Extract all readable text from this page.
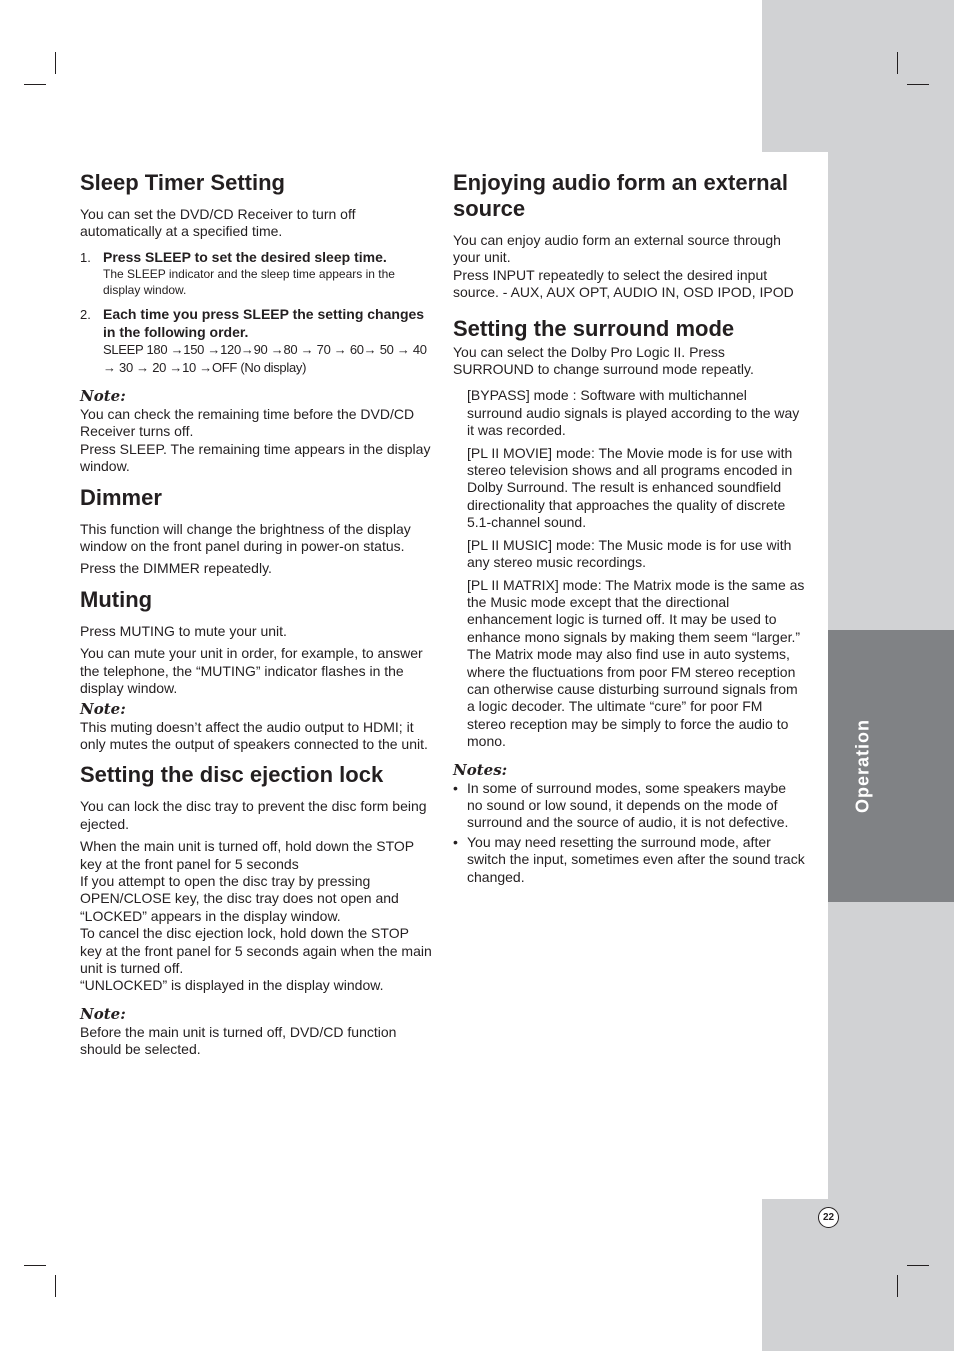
Operation
22
Sleep Timer Setting

You can set the DVD/CD Receiver to turn off automatically at a specified time.

1. Press SLEEP to set the desired sleep time.
The SLEEP indicator and the sleep time appears in the display window.
2. Each time you press SLEEP the setting changes in the following order.
SLEEP 180 →150 →120→90 →80 → 70 → 60→ 50 → 40 → 30 → 20 →10 →OFF (No display)
Note:

You can check the remaining time before the DVD/CD Receiver turns off.

Press SLEEP. The remaining time appears in the display window.

Dimmer

This function will change the brightness of the display window on the front panel during in power-on status.

Press the DIMMER repeatedly.

Muting

Press MUTING to mute your unit.

You can mute your unit in order, for example, to answer the telephone, the “MUTING” indicator flashes in the display window.

Note:

This muting doesn’t affect the audio output to HDMI; it only mutes the output of speakers connected to the unit.

Setting the disc ejection lock

You can lock the disc tray to prevent the disc form being ejected.

When the main unit is turned off, hold down the STOP key at the front panel for 5 seconds

If you attempt to open the disc tray by pressing OPEN/CLOSE key, the disc tray does not open and “LOCKED” appears in the display window.

To cancel the disc ejection lock, hold down the STOP key at the front panel for 5 seconds again when the main unit is turned off.

“UNLOCKED” is displayed in the display window.

Note:

Before the main unit is turned off, DVD/CD function should be selected.

Enjoying audio form an external source

You can enjoy audio form an external source through your unit.

Press INPUT repeatedly to select the desired input source. - AUX, AUX OPT, AUDIO IN, OSD IPOD, IPOD

Setting the surround mode

You can select the Dolby Pro Logic II. Press SURROUND to change surround mode repeatly.

[BYPASS] mode : Software with multichannel surround audio signals is played according to the way it was recorded.

[PL II MOVIE] mode: The Movie mode is for use with stereo television shows and all programs encoded in Dolby Surround. The result is enhanced soundfield directionality that approaches the quality of discrete 5.1-channel sound.

[PL II MUSIC] mode: The Music mode is for use with any stereo music recordings.

[PL II MATRIX] mode: The Matrix mode is the same as the Music mode except that the directional enhancement logic is turned off. It may be used to enhance mono signals by making them seem “larger.” The Matrix mode may also find use in auto systems, where the fluctuations from poor FM stereo reception can otherwise cause disturbing surround signals from a logic decoder. The ultimate “cure” for poor FM stereo reception may be simply to force the audio to mono.

Notes:
• In some of surround modes, some speakers maybe no sound or low sound, it depends on the mode of surround and the source of audio, it is not defective.
• You may need resetting the surround mode, after switch the input, sometimes even after the sound track changed.
